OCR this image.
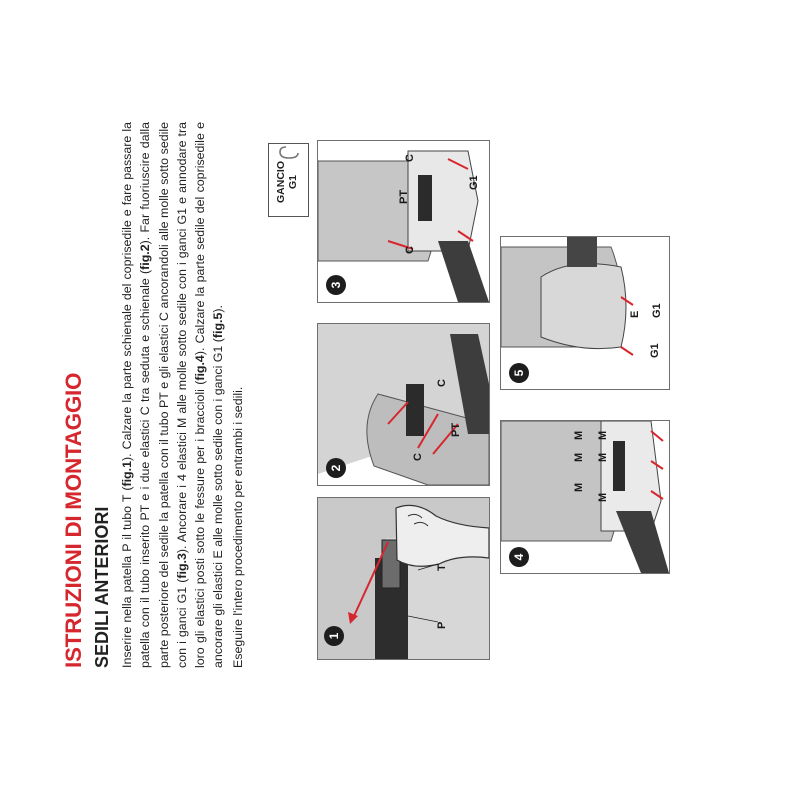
ISTRUZIONI DI MONTAGGIO SEDILI ANTERIORI Inserire nella patella P il tubo T (fig.1). Calzare la parte schienale del coprisedile e fare passare la patella con il tubo inserito PT e i due elastici C tra seduta e schienale (fig.2). Far fuoriuscire dalla parte posteriore del sedile la patella con il tubo PT e gli elastici C ancorandoli alle molle sotto sedile con i ganci G1 (fig.3). Ancorare i 4 elastici M alle molle sotto sedile con i ganci G1 e annodare tra loro gli elastici posti sotto le fessure per i braccioli (fig.4). Calzare la parte sedile del coprisedile e ancorare gli elastici E alle molle sotto sedile con i ganci G1 (fig.5).

Eseguire l'intero procedimento per entrambi i sedili.

GANCIO
G1
T
P
1
C
PT
C
2
C
PT
C
G1
3
M M
M M
M
M
4
E G1
G1
5
